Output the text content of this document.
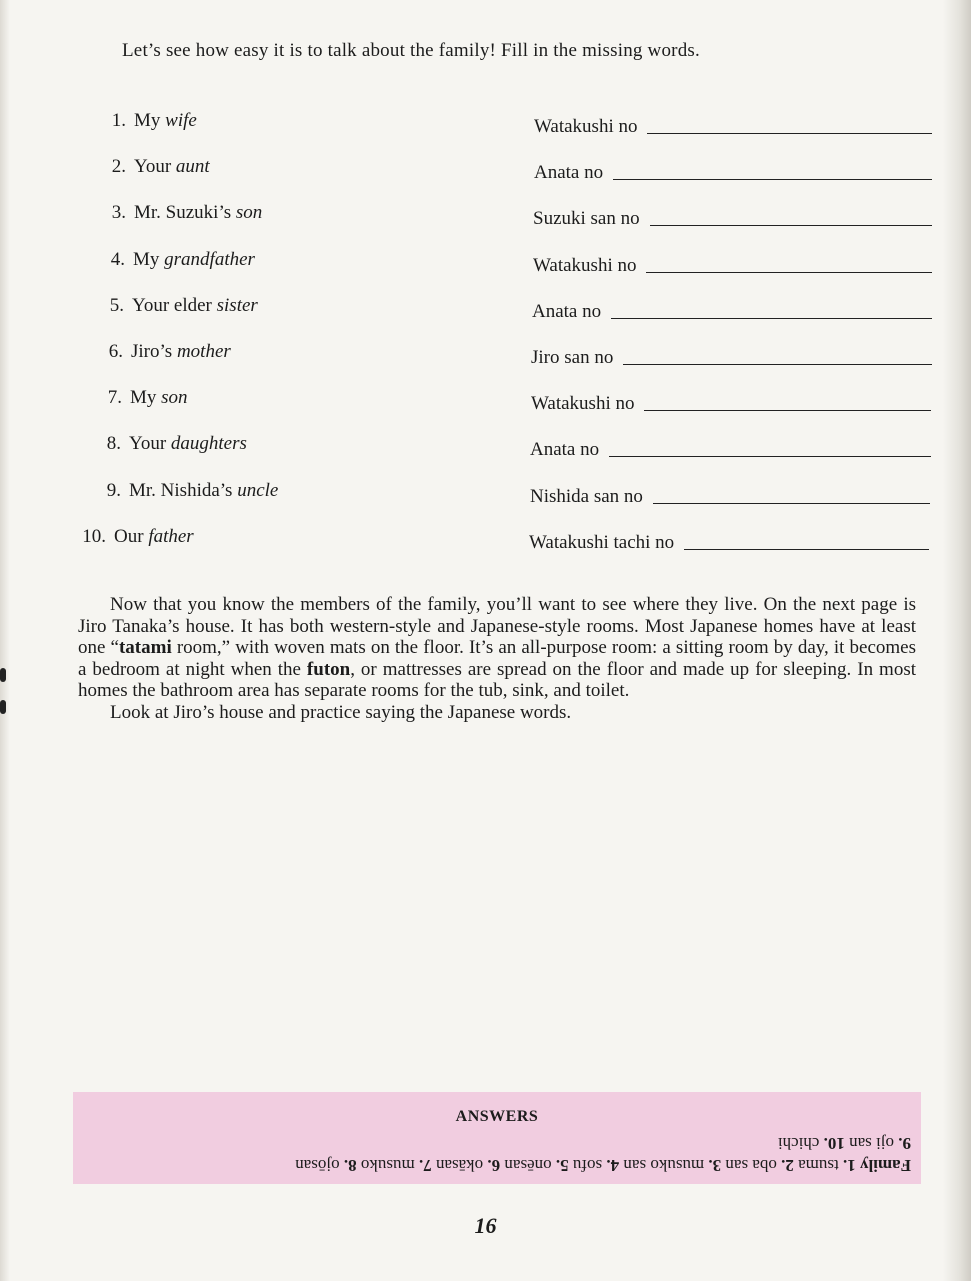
Let’s see how easy it is to talk about the family! Fill in the missing words.
1. My wife	Watakushi no
2. Your aunt	Anata no
3. Mr. Suzuki’s son	Suzuki san no
4. My grandfather	Watakushi no
5. Your elder sister	Anata no
6. Jiro’s mother	Jiro san no
7. My son	Watakushi no
8. Your daughters	Anata no
9. Mr. Nishida’s uncle	Nishida san no
10. Our father	Watakushi tachi no

Now that you know the members of the family, you’ll want to see where they live. On the next page is Jiro Tanaka’s house. It has both western-style and Japanese-style rooms. Most Japanese homes have at least one “tatami room,” with woven mats on the floor. It’s an all-purpose room: a sitting room by day, it becomes a bedroom at night when the futon, or mattresses are spread on the floor and made up for sleeping. In most homes the bathroom area has separate rooms for the tub, sink, and toilet.

Look at Jiro’s house and practice saying the Japanese words.

ANSWERS
Family 1. tsuma 2. oba san 3. musuko san 4. sofu 5. onēsan 6. okāsan 7. musuko 8. ojōsan
9. oji san 10. chichi
16
